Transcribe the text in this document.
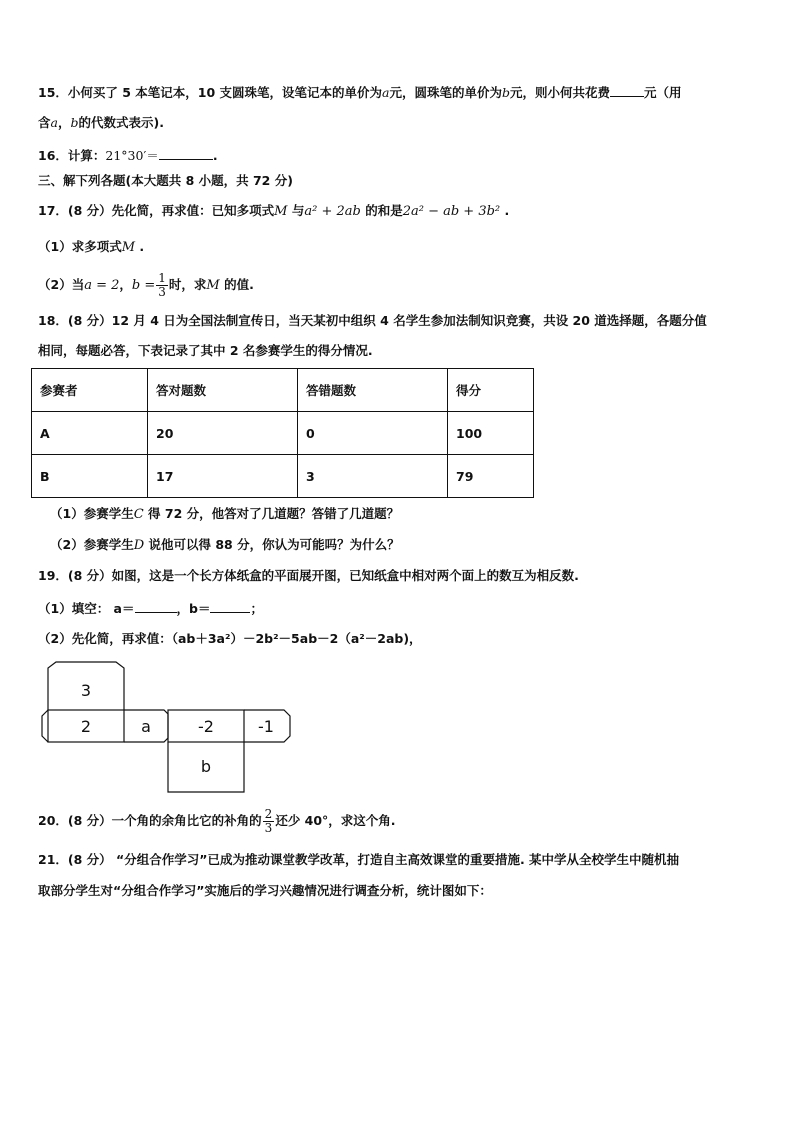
15．小何买了 5 本笔记本，10 支圆珠笔，设笔记本的单价为a元，圆珠笔的单价为b元，则小何共花费	元（用
含a，b的代数式表示).
16．计算：21°30′＝	.
三、解下列各题(本大题共 8 小题，共 72 分)
17．(8 分）先化简，再求值：已知多项式M 与a² + 2ab 的和是2a² − ab + 3b² .
（1）求多项式M .
（2）当a = 2，$b = \frac{1}{3}$ 时，求M 的值.
18．(8 分）12 月 4 日为全国法制宣传日，当天某初中组织 4 名学生参加法制知识竞赛，共设 20 道选择题，各题分值
相同，每题必答，下表记录了其中 2 名参赛学生的得分情况.
参赛者	答对题数	答错题数	得分
A	20	0	100
B	17	3	79
（1）参赛学生C 得 72 分，他答对了几道题？答错了几道题？
（2）参赛学生D 说他可以得 88 分，你认为可能吗？为什么？
19．(8 分）如图，这是一个长方体纸盒的平面展开图，已知纸盒中相对两个面上的数互为相反数.
（1）填空： a＝	，b＝	；
（2）先化简，再求值：（ab＋3a²）－2b²－5ab－2（a²－2ab)，
3
2	a	-2	-1
b
20．(8 分）一个角的余角比它的补角的 $\frac{2}{3}$ 还少 40°，求这个角.
21．(8 分） “分组合作学习”已成为推动课堂教学改革，打造自主高效课堂的重要措施. 某中学从全校学生中随机抽
取部分学生对“分组合作学习”实施后的学习兴趣情况进行调查分析，统计图如下：
